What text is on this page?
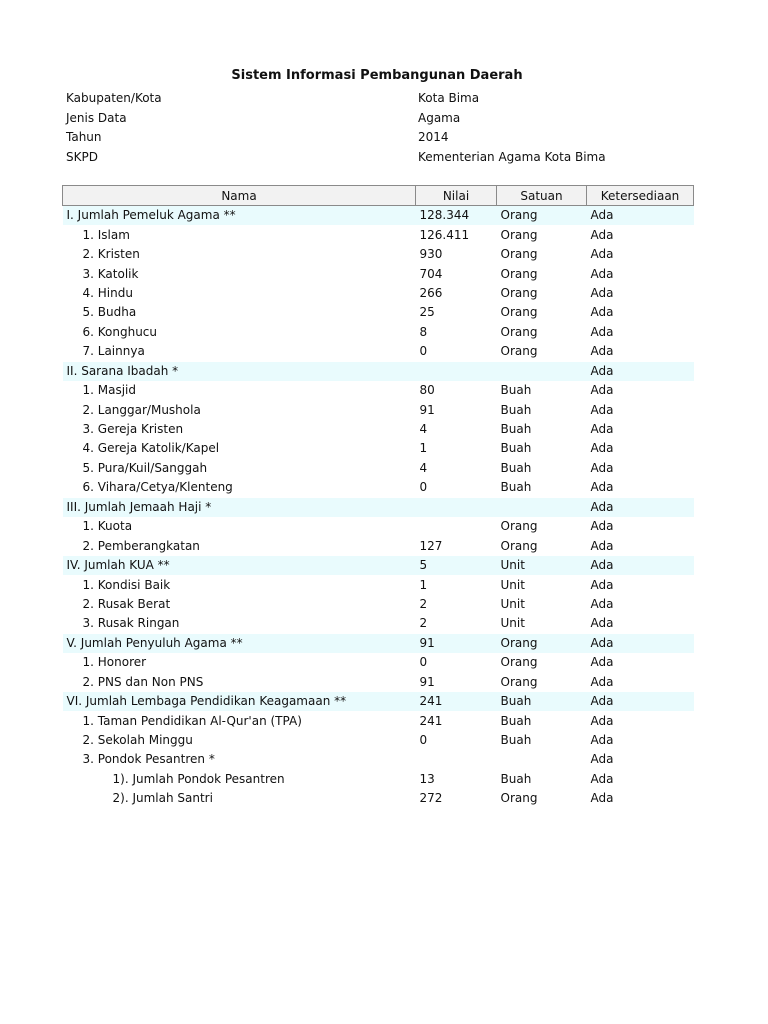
Sistem Informasi Pembangunan Daerah
Kabupaten/Kota	Kota Bima
Jenis Data	Agama
Tahun	2014
SKPD	Kementerian Agama Kota Bima
Nama	Nilai	Satuan	Ketersediaan
I. Jumlah Pemeluk Agama **	128.344	Orang	Ada
1. Islam	126.411	Orang	Ada
2. Kristen	930	Orang	Ada
3. Katolik	704	Orang	Ada
4. Hindu	266	Orang	Ada
5. Budha	25	Orang	Ada
6. Konghucu	8	Orang	Ada
7. Lainnya	0	Orang	Ada
II. Sarana Ibadah *			Ada
1. Masjid	80	Buah	Ada
2. Langgar/Mushola	91	Buah	Ada
3. Gereja Kristen	4	Buah	Ada
4. Gereja Katolik/Kapel	1	Buah	Ada
5. Pura/Kuil/Sanggah	4	Buah	Ada
6. Vihara/Cetya/Klenteng	0	Buah	Ada
III. Jumlah Jemaah Haji *			Ada
1. Kuota		Orang	Ada
2. Pemberangkatan	127	Orang	Ada
IV. Jumlah KUA **	5	Unit	Ada
1. Kondisi Baik	1	Unit	Ada
2. Rusak Berat	2	Unit	Ada
3. Rusak Ringan	2	Unit	Ada
V. Jumlah Penyuluh Agama **	91	Orang	Ada
1. Honorer	0	Orang	Ada
2. PNS dan Non PNS	91	Orang	Ada
VI. Jumlah Lembaga Pendidikan Keagamaan **	241	Buah	Ada
1. Taman Pendidikan Al-Qur'an (TPA)	241	Buah	Ada
2. Sekolah Minggu	0	Buah	Ada
3. Pondok Pesantren *			Ada
1). Jumlah Pondok Pesantren	13	Buah	Ada
2). Jumlah Santri	272	Orang	Ada
